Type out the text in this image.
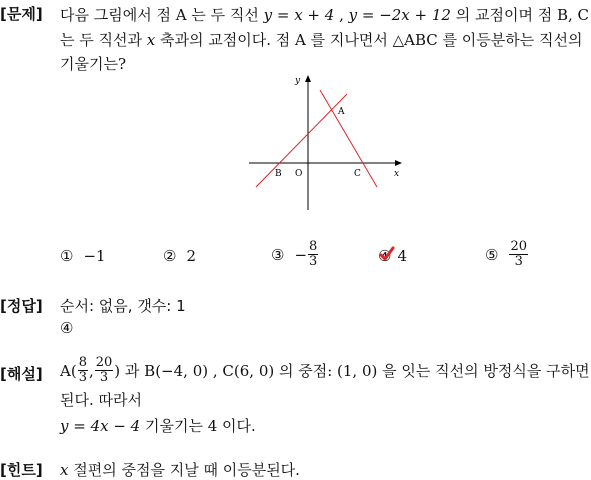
[문제] 다음 그림에서 점 A 는 두 직선 y = x + 4 , y = −2x + 12 의 교점이며 점 B, C
는 두 직선과 x 축과의 교점이다. 점 A 를 지나면서 △ABC 를 이등분하는 직선의
기울기는?
y
x
A
B O	C
① −1	② 2	③ − $\frac{8}{3}$	④ 4	⑤ $\frac{20}{3}$
[정답] 순서: 없음, 갯수: 1
④
[해설] $A( \frac{8}{3}$ , $\frac{20}{3}$ ) 과 B(−4, 0) , C(6, 0) 의 중점: (1, 0) 을 잇는 직선의 방정식을 구하면
된다. 따라서
y = 4x − 4 기울기는 4 이다.
[힌트] x 절편의 중점을 지날 때 이등분된다.
